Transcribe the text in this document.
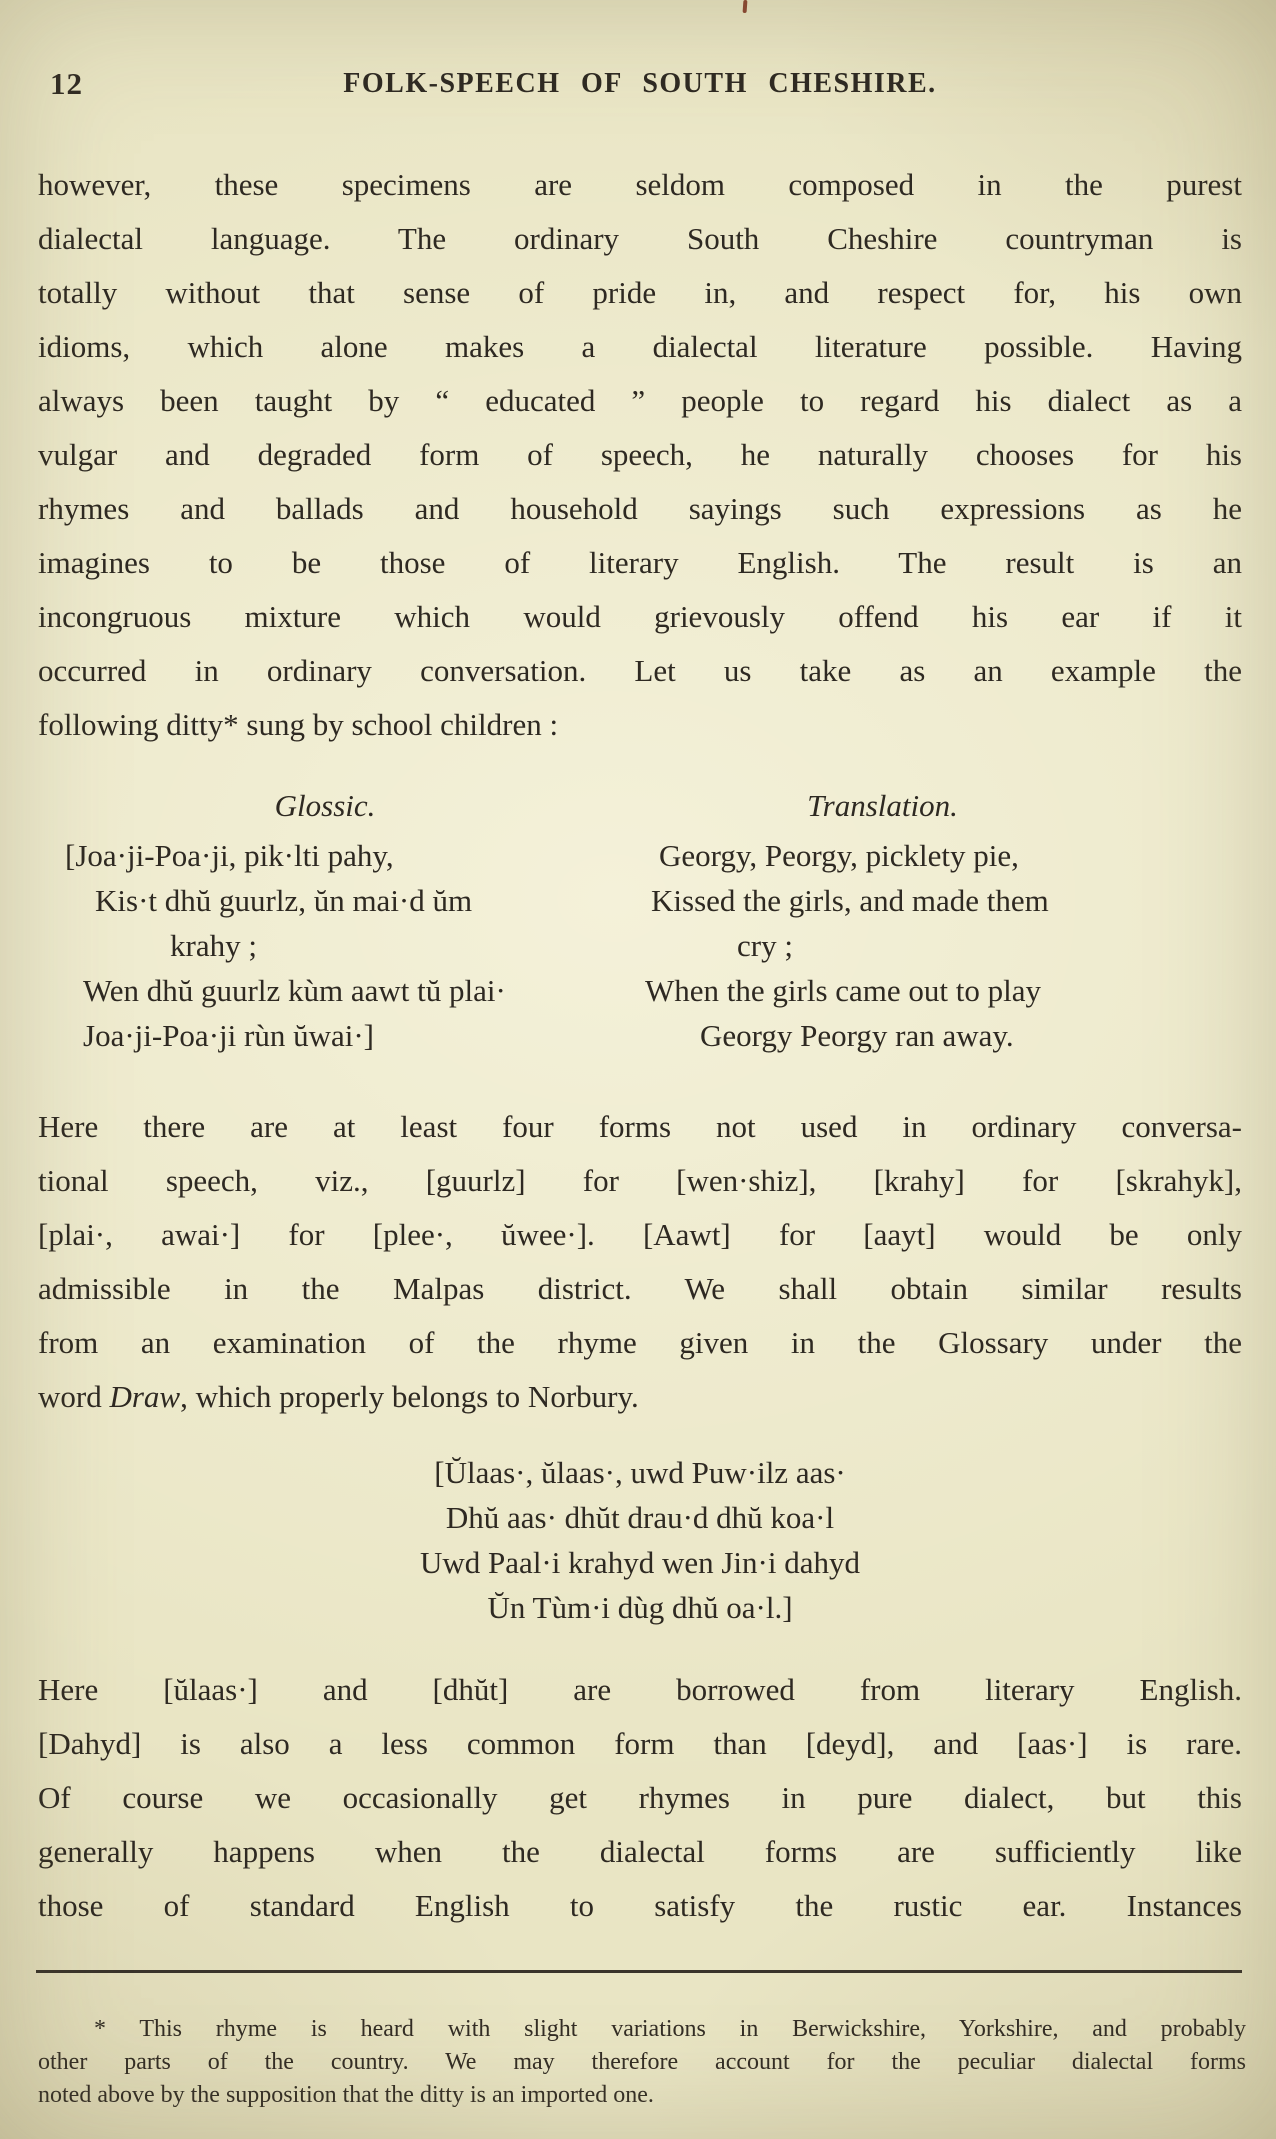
12	FOLK-SPEECH OF SOUTH CHESHIRE.
however, these specimens are seldom composed in the purest
dialectal language. The ordinary South Cheshire countryman is
totally without that sense of pride in, and respect for, his own
idioms, which alone makes a dialectal literature possible. Having
always been taught by “ educated ” people to regard his dialect as a
vulgar and degraded form of speech, he naturally chooses for his
rhymes and ballads and household sayings such expressions as he
imagines to be those of literary English. The result is an
incongruous mixture which would grievously offend his ear if it
occurred in ordinary conversation. Let us take as an example the
following ditty* sung by school children :
Glossic.
[Joa·ji-Poa·ji, pik·lti pahy,
Kis·t dhŭ guurlz, ŭn mai·d ŭm
krahy ;
Wen dhŭ guurlz kùm aawt tŭ plai·
Joa·ji-Poa·ji rùn ŭwai·]
Translation.
Georgy, Peorgy, picklety pie,
Kissed the girls, and made them
cry ;
When the girls came out to play
Georgy Peorgy ran away.
Here there are at least four forms not used in ordinary conversa-
tional speech, viz., [guurlz] for [wen·shiz], [krahy] for [skrahyk],
[plai·, awai·] for [plee·, ŭwee·]. [Aawt] for [aayt] would be only
admissible in the Malpas district. We shall obtain similar results
from an examination of the rhyme given in the Glossary under the
word Draw, which properly belongs to Norbury.
[Ŭlaas·, ŭlaas·, uwd Puw·ilz aas·
Dhŭ aas· dhŭt drau·d dhŭ koa·l
Uwd Paal·i krahyd wen Jin·i dahyd
Ŭn Tùm·i dùg dhŭ oa·l.]
Here [ŭlaas·] and [dhŭt] are borrowed from literary English.
[Dahyd] is also a less common form than [deyd], and [aas·] is rare.
Of course we occasionally get rhymes in pure dialect, but this
generally happens when the dialectal forms are sufficiently like
those of standard English to satisfy the rustic ear. Instances
* This rhyme is heard with slight variations in Berwickshire, Yorkshire, and probably
other parts of the country. We may therefore account for the peculiar dialectal forms
noted above by the supposition that the ditty is an imported one.
